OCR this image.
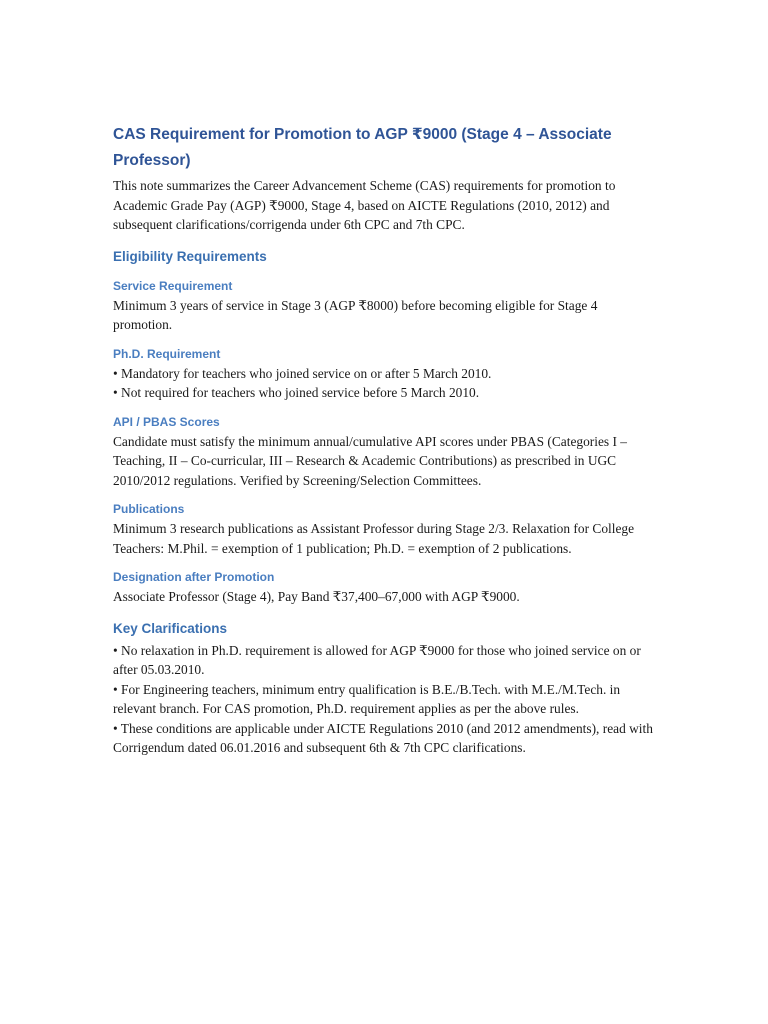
CAS Requirement for Promotion to AGP ₹9000 (Stage 4 – Associate Professor)

This note summarizes the Career Advancement Scheme (CAS) requirements for promotion to Academic Grade Pay (AGP) ₹9000, Stage 4, based on AICTE Regulations (2010, 2012) and subsequent clarifications/corrigenda under 6th CPC and 7th CPC.

Eligibility Requirements
Service Requirement

Minimum 3 years of service in Stage 3 (AGP ₹8000) before becoming eligible for Stage 4 promotion.

Ph.D. Requirement

• Mandatory for teachers who joined service on or after 5 March 2010.

• Not required for teachers who joined service before 5 March 2010.

API / PBAS Scores

Candidate must satisfy the minimum annual/cumulative API scores under PBAS (Categories I – Teaching, II – Co-curricular, III – Research & Academic Contributions) as prescribed in UGC 2010/2012 regulations. Verified by Screening/Selection Committees.

Publications

Minimum 3 research publications as Assistant Professor during Stage 2/3. Relaxation for College Teachers: M.Phil. = exemption of 1 publication; Ph.D. = exemption of 2 publications.

Designation after Promotion

Associate Professor (Stage 4), Pay Band ₹37,400–67,000 with AGP ₹9000.

Key Clarifications

• No relaxation in Ph.D. requirement is allowed for AGP ₹9000 for those who joined service on or after 05.03.2010.

• For Engineering teachers, minimum entry qualification is B.E./B.Tech. with M.E./M.Tech. in relevant branch. For CAS promotion, Ph.D. requirement applies as per the above rules.

• These conditions are applicable under AICTE Regulations 2010 (and 2012 amendments), read with Corrigendum dated 06.01.2016 and subsequent 6th & 7th CPC clarifications.
